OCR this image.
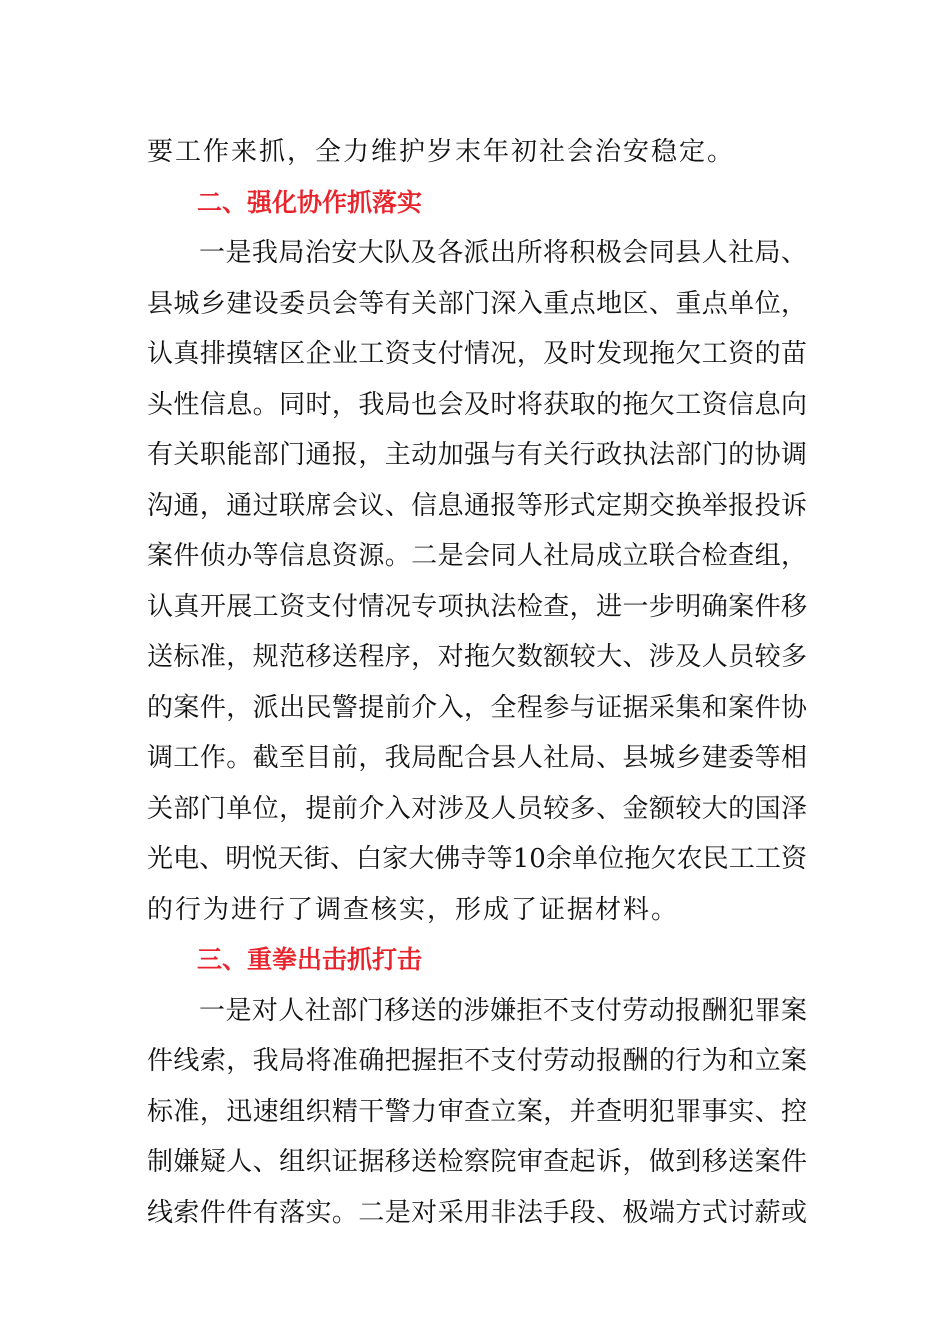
要工作来抓，全力维护岁末年初社会治安稳定。
二、强化协作抓落实
一是我局治安大队及各派出所将积极会同县人社局、
县城乡建设委员会等有关部门深入重点地区、重点单位，
认真排摸辖区企业工资支付情况，及时发现拖欠工资的苗
头性信息。同时，我局也会及时将获取的拖欠工资信息向
有关职能部门通报，主动加强与有关行政执法部门的协调
沟通，通过联席会议、信息通报等形式定期交换举报投诉
案件侦办等信息资源。二是会同人社局成立联合检查组，
认真开展工资支付情况专项执法检查，进一步明确案件移
送标准，规范移送程序，对拖欠数额较大、涉及人员较多
的案件，派出民警提前介入，全程参与证据采集和案件协
调工作。截至目前，我局配合县人社局、县城乡建委等相
关部门单位，提前介入对涉及人员较多、金额较大的国泽
光电、明悦天街、白家大佛寺等10余单位拖欠农民工工资
的行为进行了调查核实，形成了证据材料。
三、重拳出击抓打击
一是对人社部门移送的涉嫌拒不支付劳动报酬犯罪案
件线索，我局将准确把握拒不支付劳动报酬的行为和立案
标准，迅速组织精干警力审查立案，并查明犯罪事实、控
制嫌疑人、组织证据移送检察院审查起诉，做到移送案件
线索件件有落实。二是对采用非法手段、极端方式讨薪或
